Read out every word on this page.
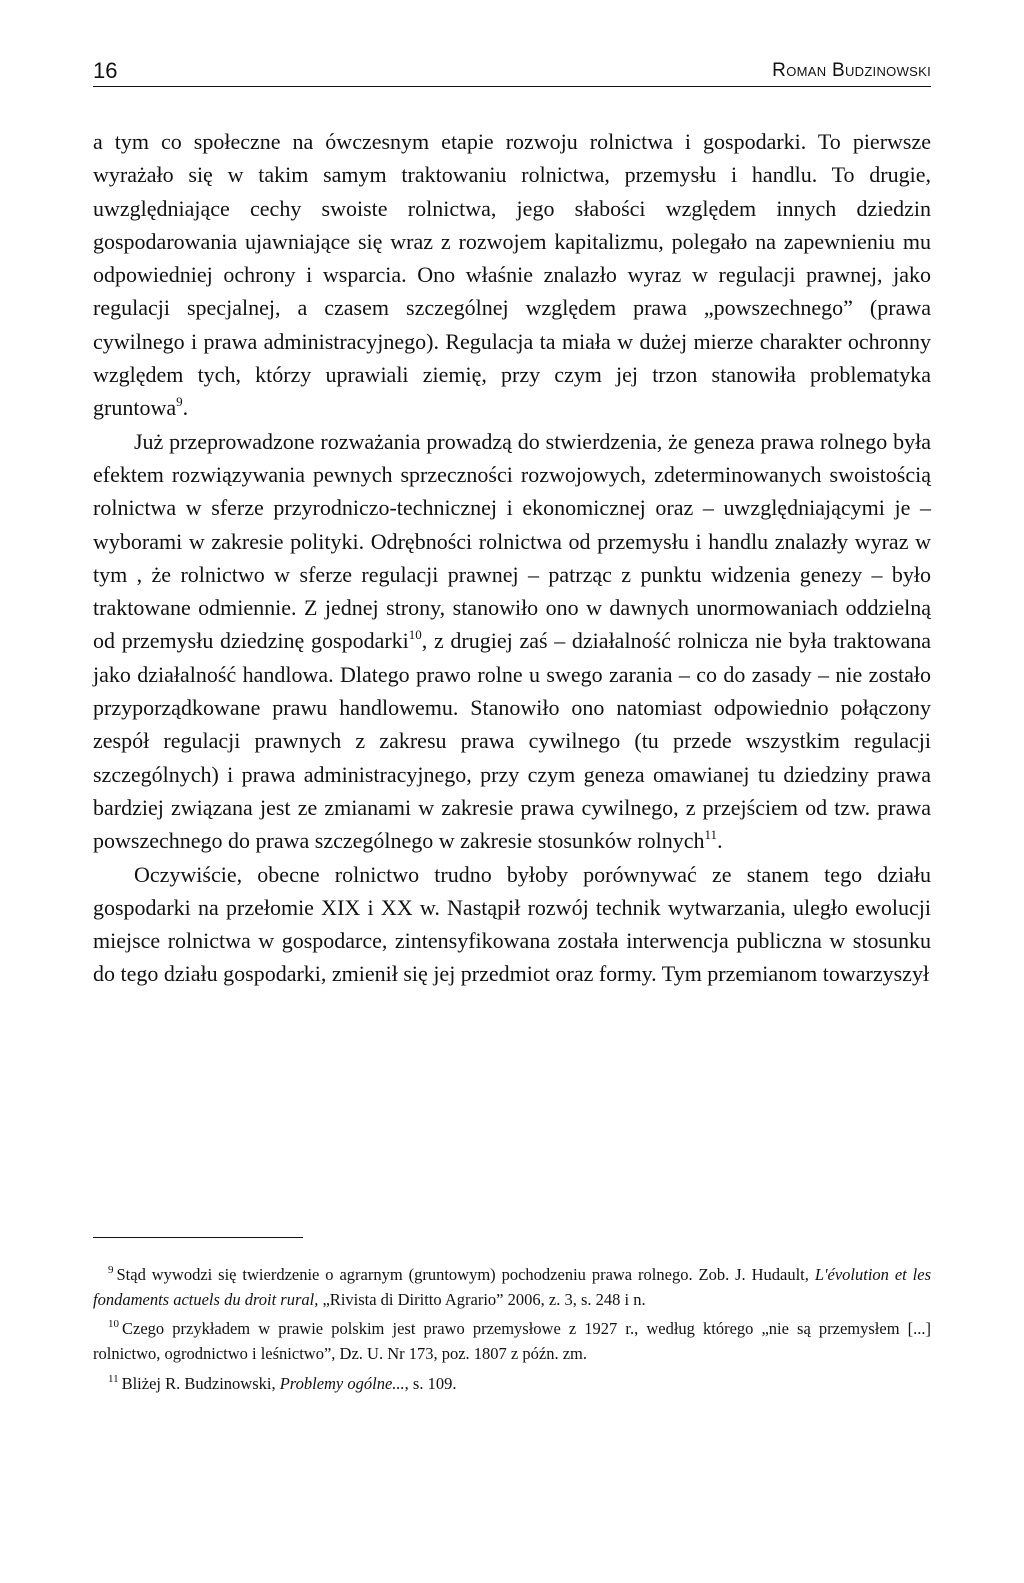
16	Roman Budzinowski

a tym co społeczne na ówczesnym etapie rozwoju rolnictwa i gospodarki. To pierwsze wyrażało się w takim samym traktowaniu rolnictwa, przemysłu i handlu. To drugie, uwzględniające cechy swoiste rolnictwa, jego słabości względem innych dziedzin gospodarowania ujawniające się wraz z rozwojem kapitalizmu, polegało na zapewnieniu mu odpowiedniej ochrony i wsparcia. Ono właśnie znalazło wyraz w regulacji prawnej, jako regulacji specjalnej, a czasem szczególnej względem prawa „powszechnego” (prawa cywilnego i prawa administracyjnego). Regulacja ta miała w dużej mierze charakter ochronny względem tych, którzy uprawiali ziemię, przy czym jej trzon stanowiła problematyka gruntowa$^9$.

Już przeprowadzone rozważania prowadzą do stwierdzenia, że geneza prawa rolnego była efektem rozwiązywania pewnych sprzeczności rozwojowych, zdeterminowanych swoistością rolnictwa w sferze przyrodniczo-technicznej i ekonomicznej oraz – uwzględniającymi je – wyborami w zakresie polityki. Odrębności rolnictwa od przemysłu i handlu znalazły wyraz w tym , że rolnictwo w sferze regulacji prawnej – patrząc z punktu widzenia genezy – było traktowane odmiennie. Z jednej strony, stanowiło ono w dawnych unormowaniach oddzielną od przemysłu dziedzinę gospodarki$^{10}$, z drugiej zaś – działalność rolnicza nie była traktowana jako działalność handlowa. Dlatego prawo rolne u swego zarania – co do zasady – nie zostało przyporządkowane prawu handlowemu. Stanowiło ono natomiast odpowiednio połączony zespół regulacji prawnych z zakresu prawa cywilnego (tu przede wszystkim regulacji szczególnych) i prawa administracyjnego, przy czym geneza omawianej tu dziedziny prawa bardziej związana jest ze zmianami w zakresie prawa cywilnego, z przejściem od tzw. prawa powszechnego do prawa szczególnego w zakresie stosunków rolnych$^{11}$.

Oczywiście, obecne rolnictwo trudno byłoby porównywać ze stanem tego działu gospodarki na przełomie XIX i XX w. Nastąpił rozwój technik wytwarzania, uległo ewolucji miejsce rolnictwa w gospodarce, zintensyfikowana została interwencja publiczna w stosunku do tego działu gospodarki, zmienił się jej przedmiot oraz formy. Tym przemianom towarzyszył

$^9$ Stąd wywodzi się twierdzenie o agrarnym (gruntowym) pochodzeniu prawa rolnego. Zob. J. Hudault, L'évolution et les fondaments actuels du droit rural, „Rivista di Diritto Agrario” 2006, z. 3, s. 248 i n.

$^{10}$ Czego przykładem w prawie polskim jest prawo przemysłowe z 1927 r., według którego „nie są przemysłem [...] rolnictwo, ogrodnictwo i leśnictwo”, Dz. U. Nr 173, poz. 1807 z późn. zm.

$^{11}$ Bliżej R. Budzinowski, Problemy ogólne..., s. 109.
